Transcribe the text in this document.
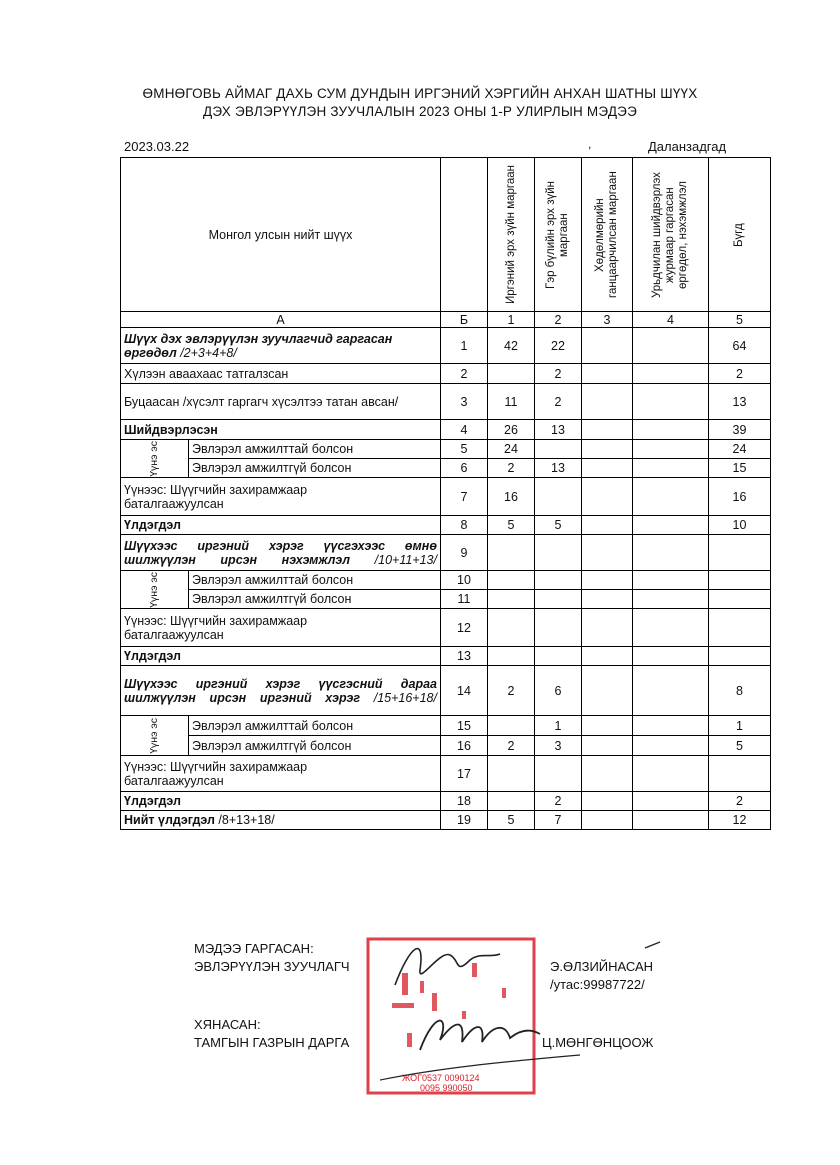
ӨМНӨГОВЬ АЙМАГ ДАХЬ СУМ ДУНДЫН ИРГЭНИЙ ХЭРГИЙН АНХАН ШАТНЫ ШҮҮХ
ДЭХ ЭВЛЭРҮҮЛЭН ЗУУЧЛАЛЫН 2023 ОНЫ 1-Р УЛИРЛЫН МЭДЭЭ
2023.03.22	,	Даланзадгад
Монгол улсын нийт шүүх			Иргэний эрх зүйн маргаан	Гэр бүлийн эрх зүйн маргаан	Хөдөлмөрийн ганцаарчилсан маргаан	Урьдчилан шийдвэрлэх журмаар гаргасан өргөдөл, нэхэмжлэл	Бүгд

А		Б	1	2	3	4	5
Шүүх дэх эвлэрүүлэн зуучлагчид гаргасан өргөдөл /2+3+4+8/		1	42	22			64
Хүлээн аваахаас татгалзсан		2		2			2
Буцаасан /хүсэлт гаргагч хүсэлтээ татан авсан/		3	11	2			13
Шийдвэрлэсэн		4	26	13			39

Үүнэ эс	Эвлэрэл амжилттай болсон	5	24				24
	Эвлэрэл амжилтгүй болсон	6	2	13			15

Үүнээс: Шүүгчийн захирамжаар баталгаажуулсан		7	16				16
Үлдэгдэл		8	5	5			10
Шүүхээс иргэний хэрэг үүсгэхээс өмнө шилжүүлэн ирсэн нэхэмжлэл /10+11+13/		9					

Үүнэ эс	Эвлэрэл амжилттай болсон	10					
	Эвлэрэл амжилтгүй болсон	11					

Үүнээс: Шүүгчийн захирамжаар баталгаажуулсан		12					
Үлдэгдэл		13					
Шүүхээс иргэний хэрэг үүсгэсний дараа шилжүүлэн ирсэн иргэний хэрэг /15+16+18/		14	2	6			8

Үүнэ эс	Эвлэрэл амжилттай болсон	15		1			1
	Эвлэрэл амжилтгүй болсон	16	2	3			5

Үүнээс: Шүүгчийн захирамжаар баталгаажуулсан		17					
Үлдэгдэл		18		2			2
Нийт үлдэгдэл /8+13+18/		19	5	7			12
ЖОГ0537 0090124
0095 990050
МЭДЭЭ ГАРГАСАН:
ЭВЛЭРҮҮЛЭН ЗУУЧЛАГЧ	Э.ӨЛЗИЙНАСАН
/утас:99987722/
ХЯНАСАН:
ТАМГЫН ГАЗРЫН ДАРГА	Ц.МӨНГӨНЦООЖ
